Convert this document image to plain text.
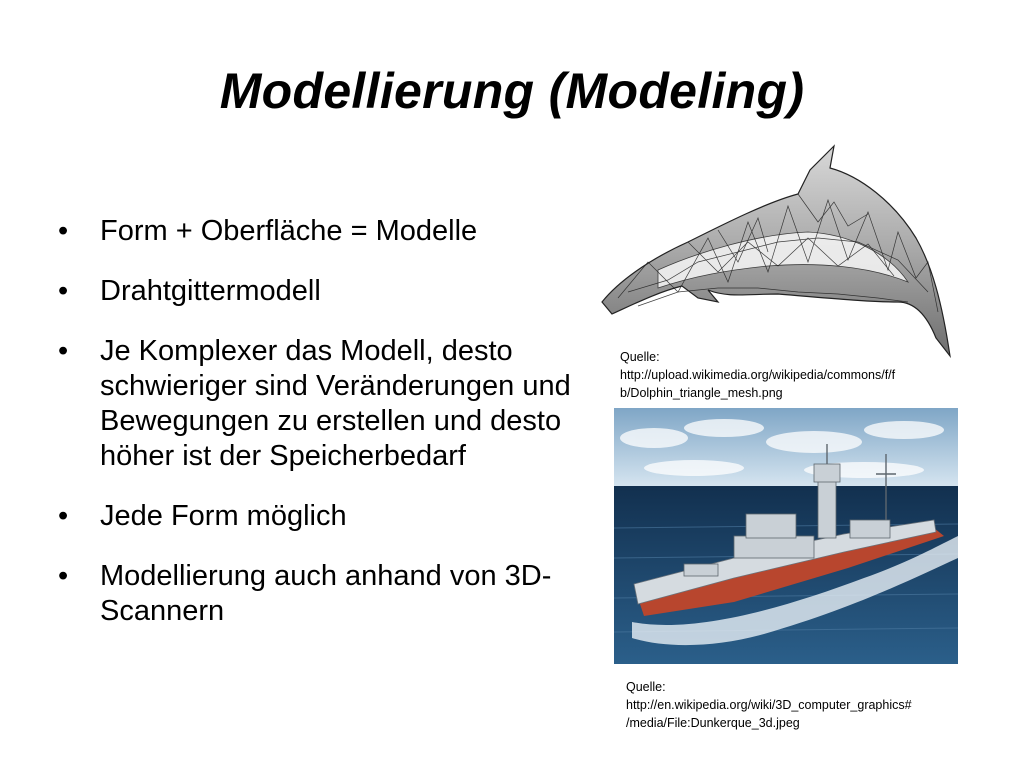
Modellierung (Modeling)
• Form + Oberfläche = Modelle
• Drahtgittermodell
• Je Komplexer das Modell, desto schwieriger sind Veränderungen und Bewegungen zu erstellen und desto höher ist der Speicherbedarf
• Jede Form möglich
• Modellierung auch anhand von 3D-Scannern
Quelle:
http://upload.wikimedia.org/wikipedia/commons/f/f
b/Dolphin_triangle_mesh.png
Quelle:
http://en.wikipedia.org/wiki/3D_computer_graphics#
/media/File:Dunkerque_3d.jpeg
